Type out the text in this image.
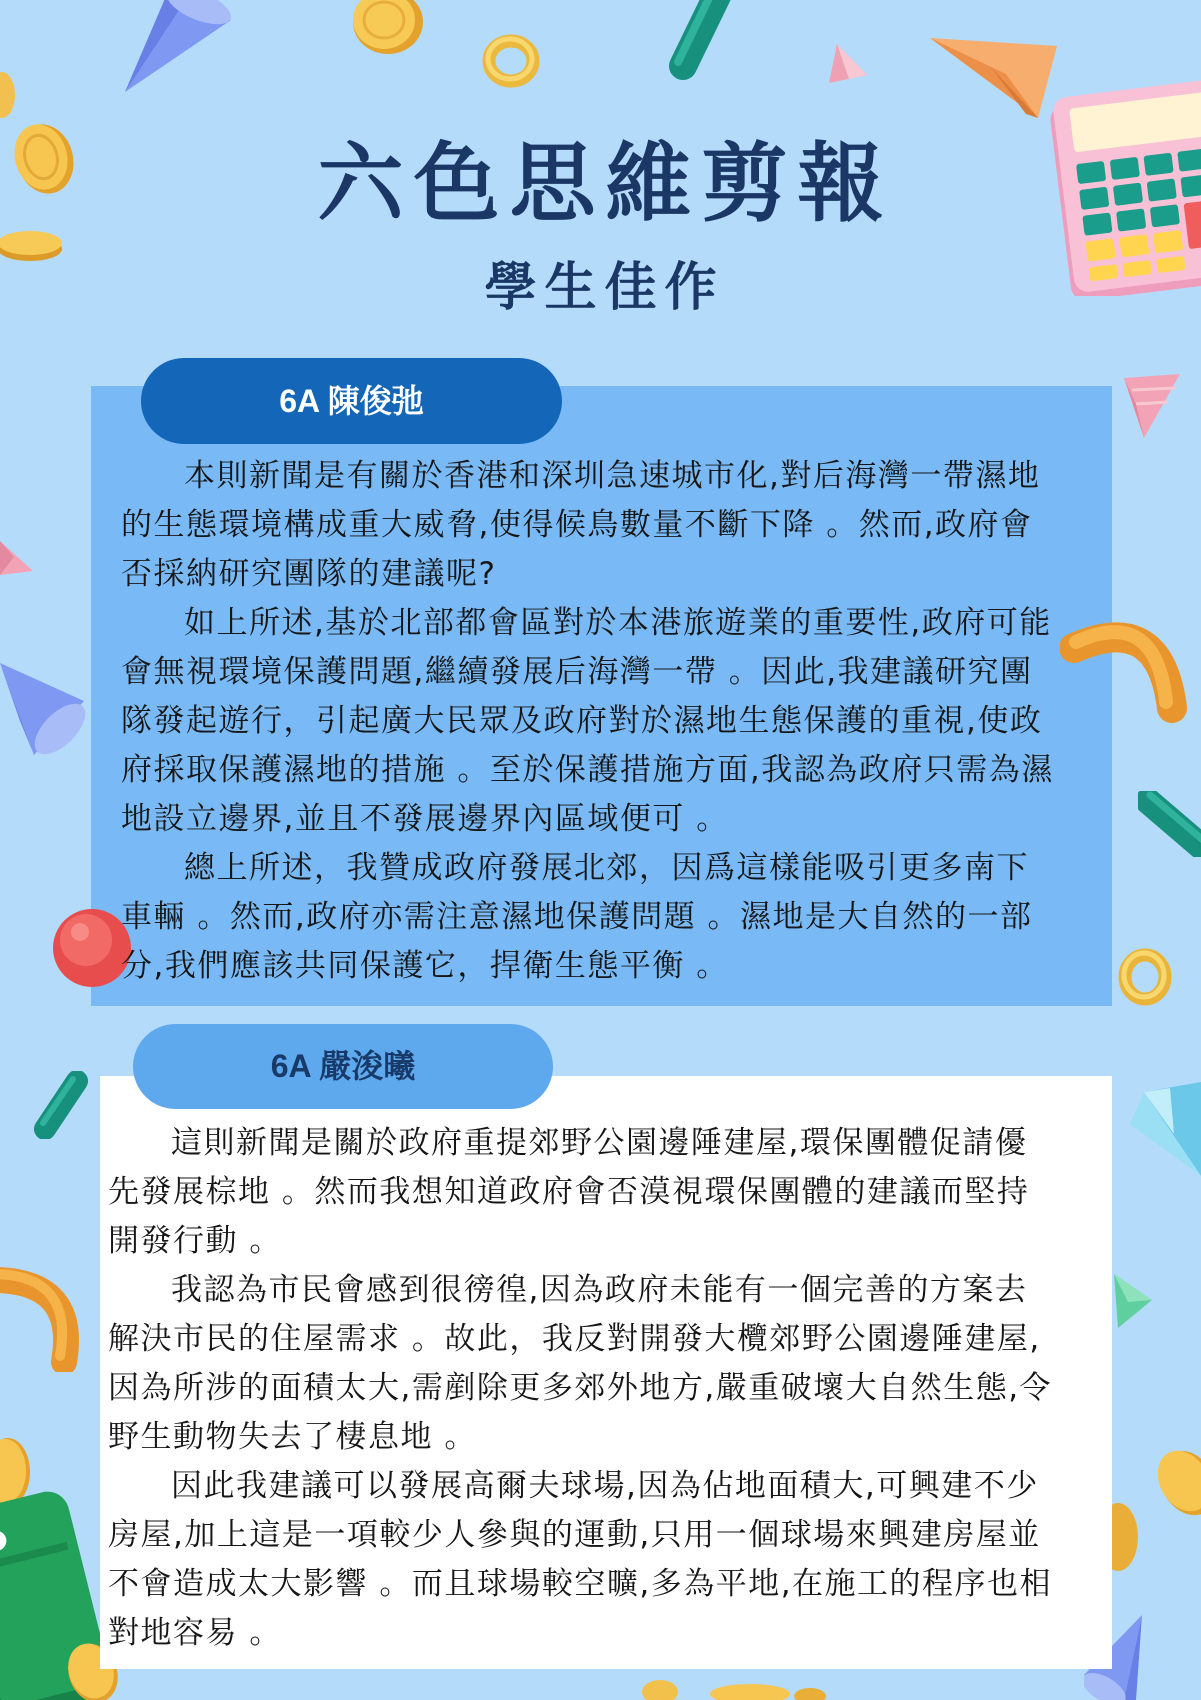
六色思維剪報
學生佳作
6A 陳俊弛
本則新聞是有關於香港和深圳急速城市化,對后海灣一帶濕地
的生態環境構成重大威脅,使得候鳥數量不斷下降 。然而,政府會
否採納研究團隊的建議呢?
如上所述,基於北部都會區對於本港旅遊業的重要性,政府可能
會無視環境保護問題,繼續發展后海灣一帶 。因此,我建議研究團
隊發起遊行，引起廣大民眾及政府對於濕地生態保護的重視,使政
府採取保護濕地的措施 。至於保護措施方面,我認為政府只需為濕
地設立邊界,並且不發展邊界內區域便可 。
總上所述，我贊成政府發展北郊，因爲這樣能吸引更多南下
車輛 。然而,政府亦需注意濕地保護問題 。濕地是大自然的一部
分,我們應該共同保護它，捍衛生態平衡 。
6A 嚴浚曦
這則新聞是關於政府重提郊野公園邊陲建屋,環保團體促請優
先發展棕地 。然而我想知道政府會否漠視環保團體的建議而堅持
開發行動 。
我認為市民會感到很徬徨,因為政府未能有一個完善的方案去
解決市民的住屋需求 。故此，我反對開發大欖郊野公園邊陲建屋,
因為所涉的面積太大,需剷除更多郊外地方,嚴重破壞大自然生態,令
野生動物失去了棲息地 。
因此我建議可以發展高爾夫球場,因為佔地面積大,可興建不少
房屋,加上這是一項較少人參與的運動,只用一個球場來興建房屋並
不會造成太大影響 。而且球場較空曠,多為平地,在施工的程序也相
對地容易 。
